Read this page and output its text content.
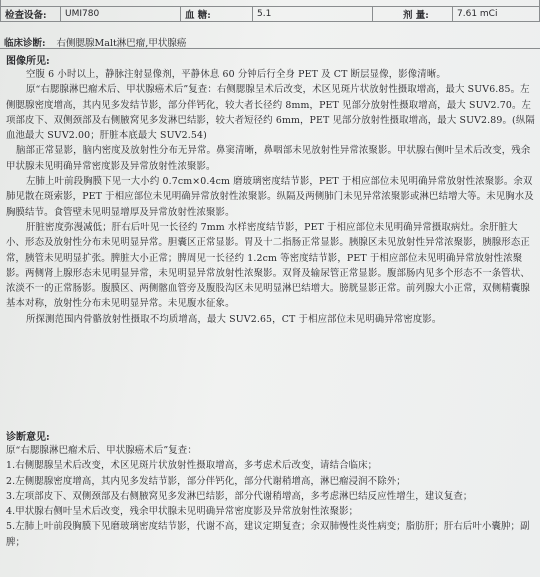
检查设备:	UMI780	血 糖:	5.1	剂 量:	7.61 mCi
临床诊断: 右侧腮腺Malt淋巴瘤,甲状腺癌
图像所见:

空腹 6 小时以上，静脉注射显像剂，平静休息 60 分钟后行全身 PET 及 CT 断层显像，影像清晰。

原“右腮腺淋巴瘤术后、甲状腺癌术后”复查：右侧腮腺呈术后改变，术区见斑片状放射性摄取增高，最大 SUV6.85。左侧腮腺密度增高，其内见多发结节影，部分伴钙化，较大者长径约 8mm，PET 见部分放射性摄取增高，最大 SUV2.70。左项部皮下、双侧颈部及右侧腋窝见多发淋巴结影，较大者短径约 6mm，PET 见部分放射性摄取增高，最大 SUV2.89。(纵隔血池最大 SUV2.00；肝脏本底最大 SUV2.54)

脑部正常显影，脑内密度及放射性分布无异常。鼻窦清晰，鼻咽部未见放射性异常浓聚影。甲状腺右侧叶呈术后改变，残余甲状腺未见明确异常密度影及异常放射性浓聚影。

左肺上叶前段胸膜下见一大小约 0.7cm×0.4cm 磨玻璃密度结节影，PET 于相应部位未见明确异常放射性浓聚影。余双肺见散在斑索影，PET 于相应部位未见明确异常放射性浓聚影。纵隔及两侧肺门未见异常浓聚影或淋巴结增大等。未见胸水及胸膜结节。食管壁未见明显增厚及异常放射性浓聚影。

肝脏密度弥漫减低；肝右后叶见一长径约 7mm 水样密度结节影，PET 于相应部位未见明确异常摄取病灶。余肝脏大小、形态及放射性分布未见明显异常。胆囊区正常显影。胃及十二指肠正常显影。胰腺区未见放射性异常浓聚影，胰腺形态正常，胰管未见明显扩张。脾脏大小正常；脾周见一长径约 1.2cm 等密度结节影，PET 于相应部位未见明确异常放射性浓聚影。两侧肾上腺形态未见明显异常，未见明显异常放射性浓聚影。双肾及输尿管正常显影。腹部肠内见多个形态不一条管状、浓淡不一的正常肠影。腹膜区、两侧髂血管旁及腹股沟区未见明显淋巴结增大。膀胱显影正常。前列腺大小正常，双侧精囊腺基本对称，放射性分布未见明显异常。未见腹水征象。

所探测范围内骨骼放射性摄取不均质增高，最大 SUV2.65，CT 于相应部位未见明确异常密度影。

诊断意见:

原“右腮腺淋巴瘤术后、甲状腺癌术后”复查：

1.右侧腮腺呈术后改变，术区见斑片状放射性摄取增高，多考虑术后改变，请结合临床；

2.左侧腮腺密度增高，其内见多发结节影，部分伴钙化，部分代谢稍增高，淋巴瘤浸润不除外；

3.左项部皮下、双侧颈部及右侧腋窝见多发淋巴结影，部分代谢稍增高，多考虑淋巴结反应性增生，建议复查；

4.甲状腺右侧叶呈术后改变，残余甲状腺未见明确异常密度影及异常放射性浓聚影；

5.左肺上叶前段胸膜下见磨玻璃密度结节影，代谢不高，建议定期复查；余双肺慢性炎性病变；脂肪肝；肝右后叶小囊肿；副脾；
